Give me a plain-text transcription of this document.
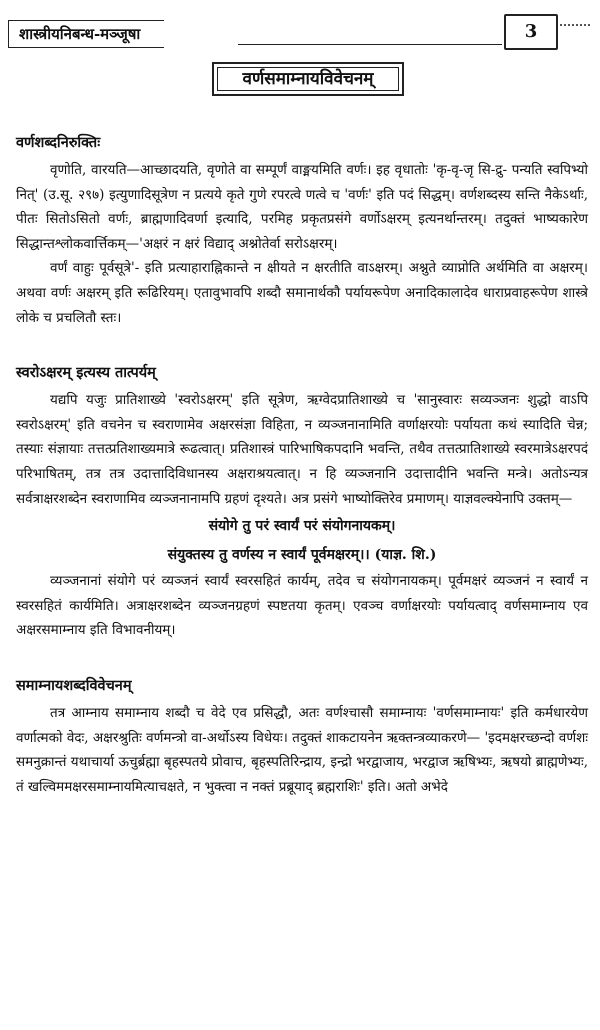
शास्त्रीयनिबन्ध-मञ्जूषा	3
वर्णसमाम्नायविवेचनम्
वर्णशब्दनिरुक्तिः

वृणोति, वारयति—आच्छादयति, वृणोते वा सम्पूर्णं वाङ्मयमिति वर्णः। इह वृधातोः 'कृ-वृ-जृ सि-द्रु- पन्यति स्वपिभ्यो नित्' (उ.सू. २९७) इत्युणादिसूत्रेण न प्रत्यये कृते गुणे रपरत्वे णत्वे च 'वर्णः' इति पदं सिद्धम्। वर्णशब्दस्य सन्ति नैकेऽर्थाः, पीतः सितोऽसितो वर्णः, ब्राह्मणादिवर्णा इत्यादि, परमिह प्रकृतप्रसंगे वर्णोऽक्षरम् इत्यनर्थान्तरम्। तदुक्तं भाष्यकारेण सिद्धान्तश्लोकवार्त्तिकम्—'अक्षरं न क्षरं विद्याद् अश्नोतेर्वा सरोऽक्षरम्।

वर्णं वाहुः पूर्वसूत्रे'- इति प्रत्याहाराह्निकान्ते न क्षीयते न क्षरतीति वाऽक्षरम्। अश्नुते व्याप्नोति अर्थमिति वा अक्षरम्। अथवा वर्णः अक्षरम् इति रूढिरियम्। एतावुभावपि शब्दौ समानार्थकौ पर्यायरूपेण अनादिकालादेव धाराप्रवाहरूपेण शास्त्रे लोके च प्रचलितौ स्तः।

स्वरोऽक्षरम् इत्यस्य तात्पर्यम्

यद्यपि यजुः प्रातिशाख्ये 'स्वरोऽक्षरम्' इति सूत्रेण, ऋग्वेदप्रातिशाख्ये च 'सानुस्वारः सव्यञ्जनः शुद्धो वाऽपि स्वरोऽक्षरम्' इति वचनेन च स्वराणामेव अक्षरसंज्ञा विहिता, न व्यञ्जनानामिति वर्णाक्षरयोः पर्यायता कथं स्यादिति चेन्न; तस्याः संज्ञायाः तत्तत्प्रतिशाख्यमात्रे रूढत्वात्। प्रतिशास्त्रं पारिभाषिकपदानि भवन्ति, तथैव तत्तत्प्रातिशाख्ये स्वरमात्रेऽक्षरपदं परिभाषितम्, तत्र तत्र उदात्तादिविधानस्य अक्षराश्रयत्वात्। न हि व्यञ्जनानि उदात्तादीनि भवन्ति मन्त्रे। अतोऽन्यत्र सर्वत्राक्षरशब्देन स्वराणामिव व्यञ्जनानामपि ग्रहणं दृश्यते। अत्र प्रसंगे भाष्योक्तिरेव प्रमाणम्। याज्ञवल्क्येनापि उक्तम्—

संयोगे तु परं स्वार्यं परं संयोगनायकम्।
संयुक्तस्य तु वर्णस्य न स्वार्यं पूर्वमक्षरम्।। (याज्ञ. शि.)

व्यञ्जनानां संयोगे परं व्यञ्जनं स्वार्यं स्वरसहितं कार्यम्, तदेव च संयोगनायकम्। पूर्वमक्षरं व्यञ्जनं न स्वार्यं न स्वरसहितं कार्यमिति। अत्राक्षरशब्देन व्यञ्जनग्रहणं स्पष्टतया कृतम्। एवञ्च वर्णाक्षरयोः पर्यायत्वाद् वर्णसमाम्नाय एव अक्षरसमाम्नाय इति विभावनीयम्।

समाम्नायशब्दविवेचनम्

तत्र आम्नाय समाम्नाय शब्दौ च वेदे एव प्रसिद्धौ, अतः वर्णश्चासौ समाम्नायः 'वर्णसमाम्नायः' इति कर्मधारयेण वर्णात्मको वेदः, अक्षरश्रुतिः वर्णमन्त्रो वा-अर्थोऽस्य विधेयः। तदुक्तं शाकटायनेन ऋक्तन्त्रव्याकरणे— 'इदमक्षरच्छन्दो वर्णशः समनुक्रान्तं यथाचार्या ऊचुर्ब्रह्मा बृहस्पतये प्रोवाच, बृहस्पतिरिन्द्राय, इन्द्रो भरद्वाजाय, भरद्वाज ऋषिभ्यः, ऋषयो ब्राह्मणेभ्यः, तं खल्विममक्षरसमाम्नायमित्याचक्षते, न भुक्त्वा न नक्तं प्रब्रूयाद् ब्रह्मराशिः' इति। अतो अभेदे
